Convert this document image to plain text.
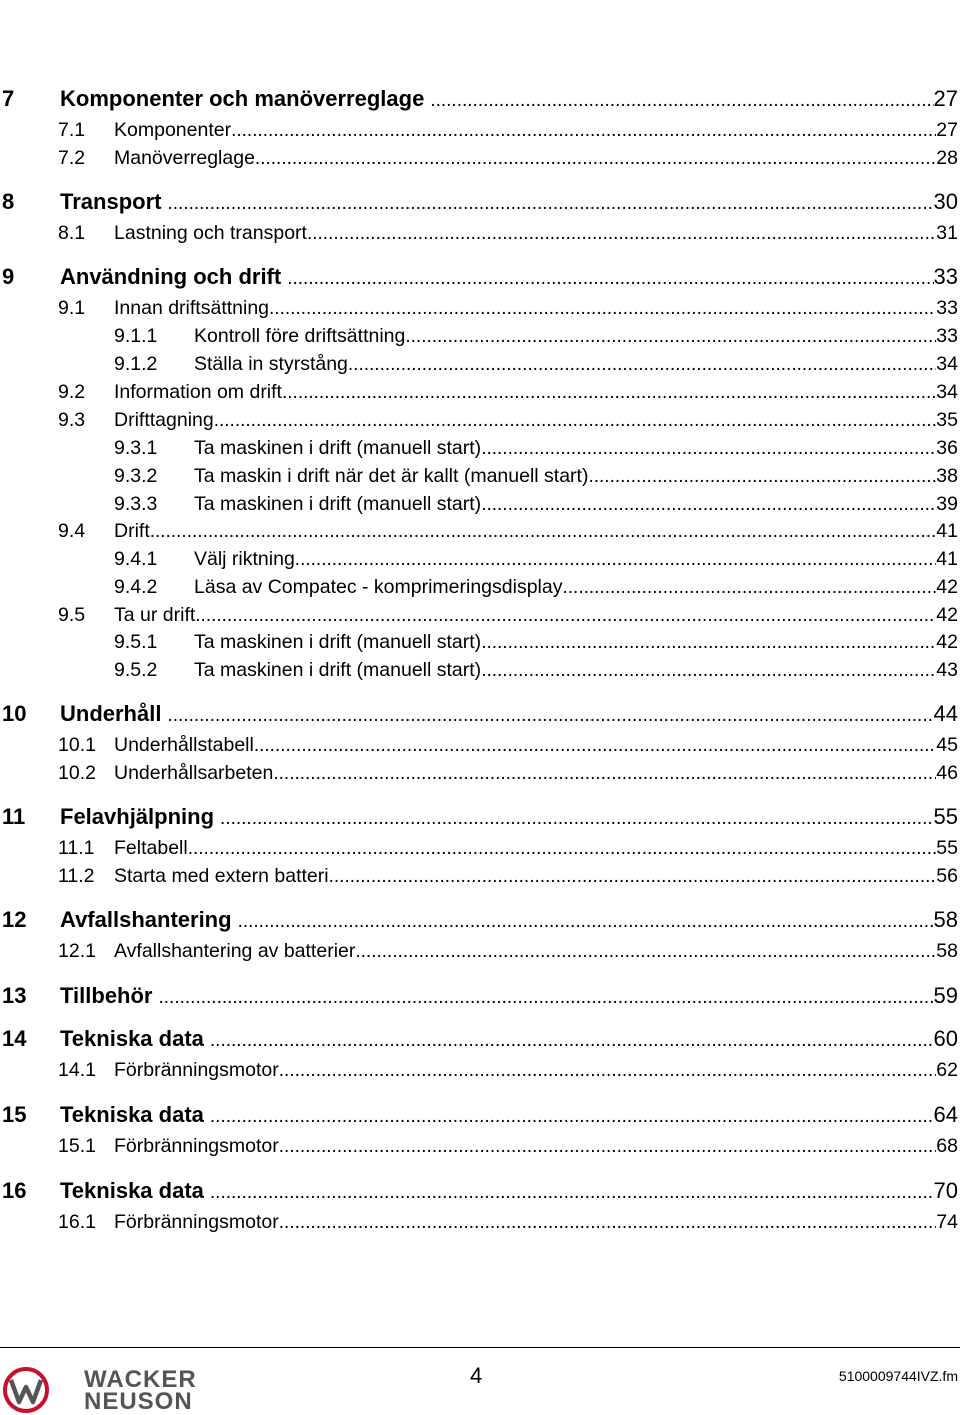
7	Komponenter och manöverreglage .....	27
7.1	Komponenter .....	27
7.2	Manöverreglage .....	28
8	Transport .....	30
8.1	Lastning och transport .....	31
9	Användning och drift .....	33
9.1	Innan driftsättning .....	33
9.1.1	Kontroll före driftsättning .....	33
9.1.2	Ställa in styrstång .....	34
9.2	Information om drift .....	34
9.3	Drifttagning .....	35
9.3.1	Ta maskinen i drift (manuell start) .....	36
9.3.2	Ta maskin i drift när det är kallt (manuell start) .....	38
9.3.3	Ta maskinen i drift (manuell start) .....	39
9.4	Drift .....	41
9.4.1	Välj riktning .....	41
9.4.2	Läsa av Compatec - komprimeringsdisplay .....	42
9.5	Ta ur drift .....	42
9.5.1	Ta maskinen i drift (manuell start) .....	42
9.5.2	Ta maskinen i drift (manuell start) .....	43
10	Underhåll .....	44
10.1 Underhållstabell .....	45
10.2 Underhållsarbeten .....	46
11	Felavhjälpning .....	55
11.1 Feltabell .....	55
11.2 Starta med extern batteri .....	56
12	Avfallshantering .....	58
12.1 Avfallshantering av batterier .....	58
13	Tillbehör .....	59
14	Tekniska data .....	60
14.1 Förbränningsmotor .....	62
15	Tekniska data .....	64
15.1 Förbränningsmotor .....	68
16	Tekniska data .....	70
16.1 Förbränningsmotor .....	74
WACKER
NEUSON
4	5100009744IVZ.fm
